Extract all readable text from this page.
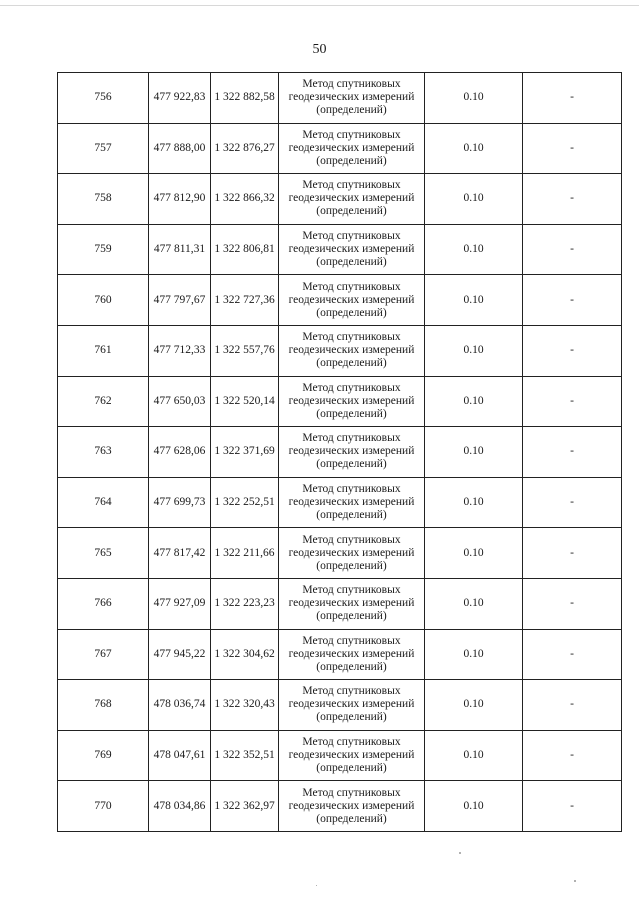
50
756	477 922,83	1 322 882,58	Метод спутниковых
геодезических измерений
(определений)	0.10	-
757	477 888,00	1 322 876,27	Метод спутниковых
геодезических измерений
(определений)	0.10	-
758	477 812,90	1 322 866,32	Метод спутниковых
геодезических измерений
(определений)	0.10	-
759	477 811,31	1 322 806,81	Метод спутниковых
геодезических измерений
(определений)	0.10	-
760	477 797,67	1 322 727,36	Метод спутниковых
геодезических измерений
(определений)	0.10	-
761	477 712,33	1 322 557,76	Метод спутниковых
геодезических измерений
(определений)	0.10	-
762	477 650,03	1 322 520,14	Метод спутниковых
геодезических измерений
(определений)	0.10	-
763	477 628,06	1 322 371,69	Метод спутниковых
геодезических измерений
(определений)	0.10	-
764	477 699,73	1 322 252,51	Метод спутниковых
геодезических измерений
(определений)	0.10	-
765	477 817,42	1 322 211,66	Метод спутниковых
геодезических измерений
(определений)	0.10	-
766	477 927,09	1 322 223,23	Метод спутниковых
геодезических измерений
(определений)	0.10	-
767	477 945,22	1 322 304,62	Метод спутниковых
геодезических измерений
(определений)	0.10	-
768	478 036,74	1 322 320,43	Метод спутниковых
геодезических измерений
(определений)	0.10	-
769	478 047,61	1 322 352,51	Метод спутниковых
геодезических измерений
(определений)	0.10	-
770	478 034,86	1 322 362,97	Метод спутниковых
геодезических измерений
(определений)	0.10	-
